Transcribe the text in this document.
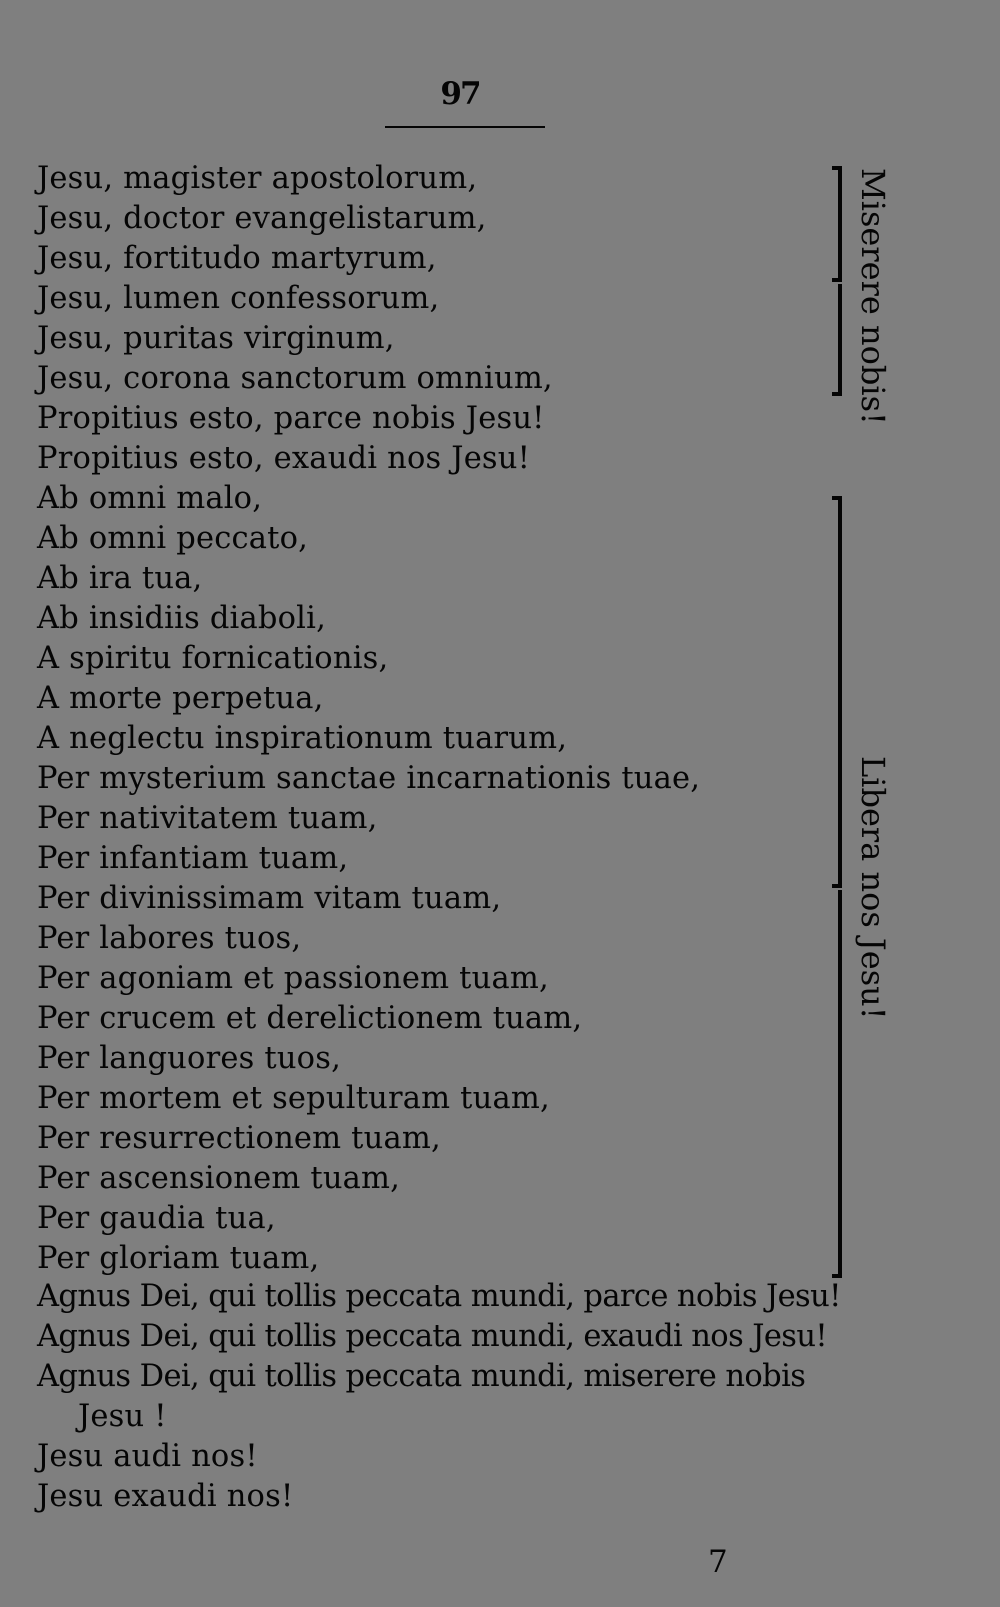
97
Jesu, magister apostolorum,
Jesu, doctor evangelistarum,
Jesu, fortitudo martyrum,
Jesu, lumen confessorum,
Jesu, puritas virginum,
Jesu, corona sanctorum omnium,
Propitius esto, parce nobis Jesu!
Propitius esto, exaudi nos Jesu!
Ab omni malo,
Ab omni peccato,
Ab ira tua,
Ab insidiis diaboli,
A spiritu fornicationis,
A morte perpetua,
A neglectu inspirationum tuarum,
Per mysterium sanctae incarnationis tuae,
Per nativitatem tuam,
Per infantiam tuam,
Per divinissimam vitam tuam,
Per labores tuos,
Per agoniam et passionem tuam,
Per crucem et derelictionem tuam,
Per languores tuos,
Per mortem et sepulturam tuam,
Per resurrectionem tuam,
Per ascensionem tuam,
Per gaudia tua,
Per gloriam tuam,
Agnus Dei, qui tollis peccata mundi, parce nobis Jesu!
Agnus Dei, qui tollis peccata mundi, exaudi nos Jesu!
Agnus Dei, qui tollis peccata mundi, miserere nobis
Jesu !
Jesu audi nos!
Jesu exaudi nos!
Miserere nobis!
Libera nos Jesu!
7
